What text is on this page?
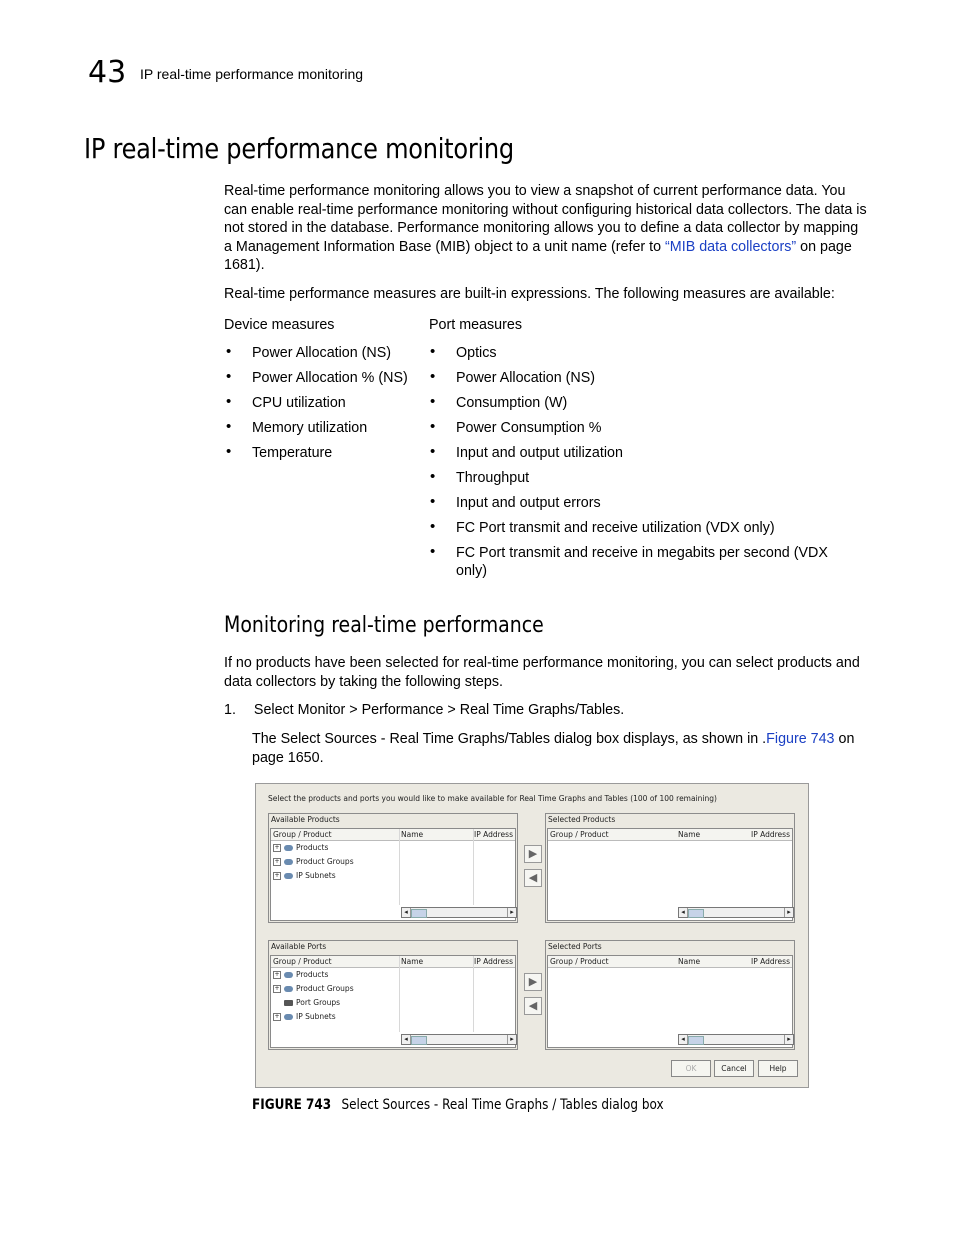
43 IP real-time performance monitoring
IP real-time performance monitoring

Real-time performance monitoring allows you to view a snapshot of current performance data. You can enable real-time performance monitoring without configuring historical data collectors. The data is not stored in the database. Performance monitoring allows you to define a data collector by mapping a Management Information Base (MIB) object to a unit name (refer to “MIB data collectors” on page 1681).

Real-time performance measures are built-in expressions. The following measures are available:

Device measures	Port measures
• Power Allocation (NS)
• Power Allocation % (NS)
• CPU utilization
• Memory utilization
• Temperature
• Optics
• Power Allocation (NS)
• Consumption (W)
• Power Consumption %
• Input and output utilization
• Throughput
• Input and output errors
• FC Port transmit and receive utilization (VDX only)
• FC Port transmit and receive in megabits per second (VDX only)
Monitoring real-time performance

If no products have been selected for real-time performance monitoring, you can select products and data collectors by taking the following steps.

1. Select Monitor > Performance > Real Time Graphs/Tables.

The Select Sources - Real Time Graphs/Tables dialog box displays, as shown in .Figure 743 on page 1650.

Select the products and ports you would like to make available for Real Time Graphs and Tables (100 of 100 remaining)
Available Products
Group / Product	Name	IP Address
+ Products
+ Product Groups
+ IP Subnets
◂	▸
▶
◀
Selected Products
Group / Product	Name	IP Address
◂	▸
Available Ports
Group / Product	Name	IP Address
+ Products
+ Product Groups
Port Groups
+ IP Subnets
◂	▸
▶
◀
Selected Ports
Group / Product	Name	IP Address
◂	▸
OK	Cancel	Help
FIGURE 743 Select Sources - Real Time Graphs / Tables dialog box
